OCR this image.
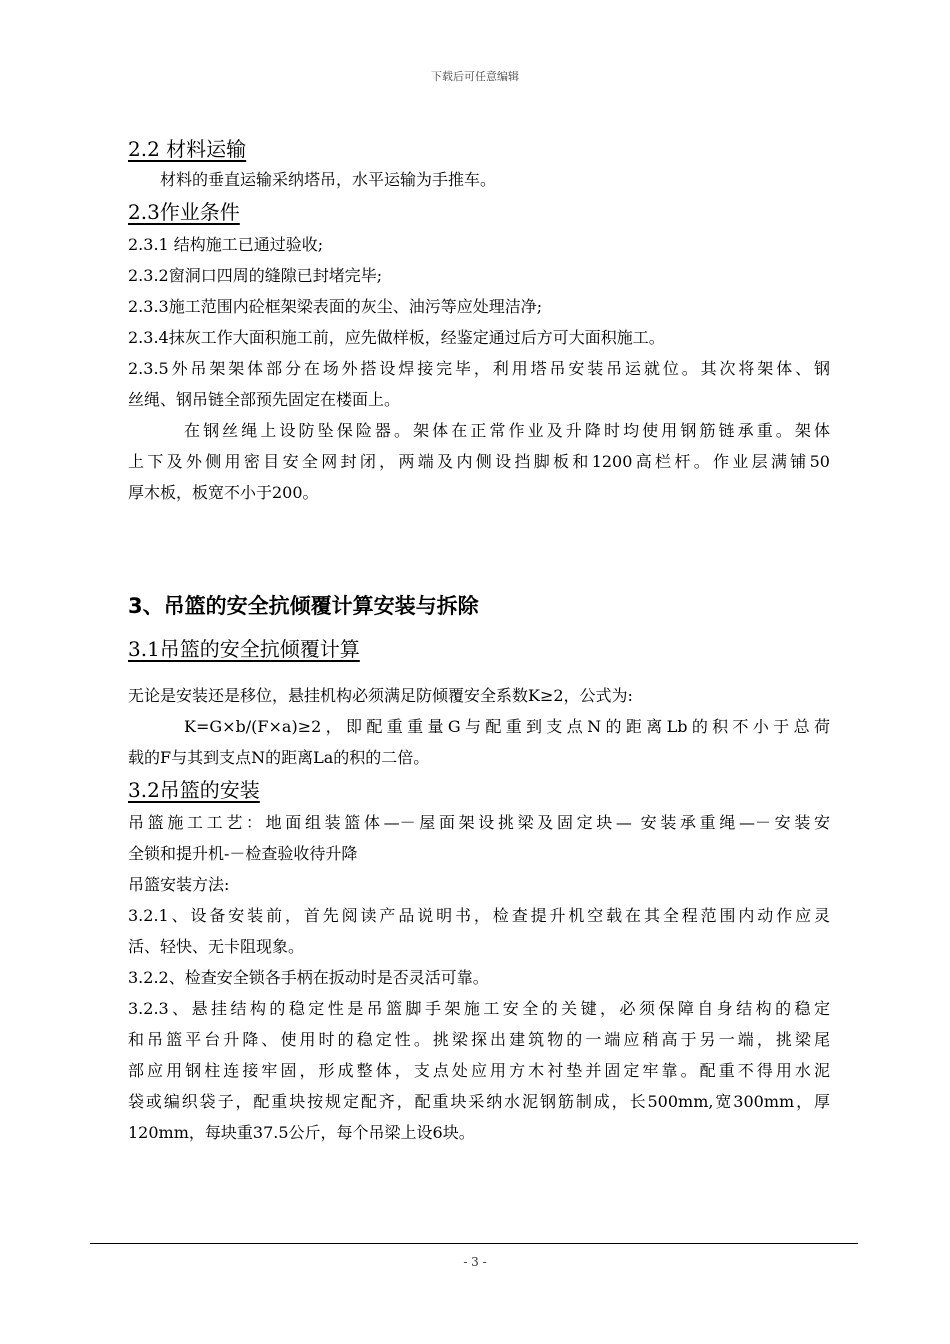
下载后可任意编辑
2.2 材料运输
材料的垂直运输采纳塔吊，水平运输为手推车。
2.3作业条件
2.3.1 结构施工已通过验收;
2.3.2窗洞口四周的缝隙已封堵完毕;
2.3.3施工范围内砼框架梁表面的灰尘、油污等应处理洁净;
2.3.4抹灰工作大面积施工前，应先做样板，经鉴定通过后方可大面积施工。
2.3.5外吊架架体部分在场外搭设焊接完毕，利用塔吊安装吊运就位。其次将架体、钢
丝绳、钢吊链全部预先固定在楼面上。
在钢丝绳上设防坠保险器。架体在正常作业及升降时均使用钢筋链承重。架体
上下及外侧用密目安全网封闭，两端及内侧设挡脚板和1200高栏杆。作业层满铺50
厚木板，板宽不小于200。
3、吊篮的安全抗倾覆计算安装与拆除
3.1吊篮的安全抗倾覆计算
无论是安装还是移位，悬挂机构必须满足防倾覆安全系数K≥2，公式为:
K=G×b/(F×a)≥2，即配重重量G与配重到支点N的距离Lb的积不小于总荷
载的F与其到支点N的距离La的积的二倍。
3.2吊篮的安装
吊篮施工工艺：地面组装篮体—－屋面架设挑梁及固定块— 安装承重绳—－安装安
全锁和提升机-－检查验收待升降
吊篮安装方法:
3.2.1、设备安装前，首先阅读产品说明书，检查提升机空载在其全程范围内动作应灵
活、轻快、无卡阻现象。
3.2.2、检查安全锁各手柄在扳动时是否灵活可靠。
3.2.3、悬挂结构的稳定性是吊篮脚手架施工安全的关键，必须保障自身结构的稳定
和吊篮平台升降、使用时的稳定性。挑梁探出建筑物的一端应稍高于另一端，挑梁尾
部应用钢柱连接牢固，形成整体，支点处应用方木衬垫并固定牢靠。配重不得用水泥
袋或编织袋子，配重块按规定配齐，配重块采纳水泥钢筋制成，长500mm,宽300mm，厚
120mm，每块重37.5公斤，每个吊梁上设6块。
- 3 -
